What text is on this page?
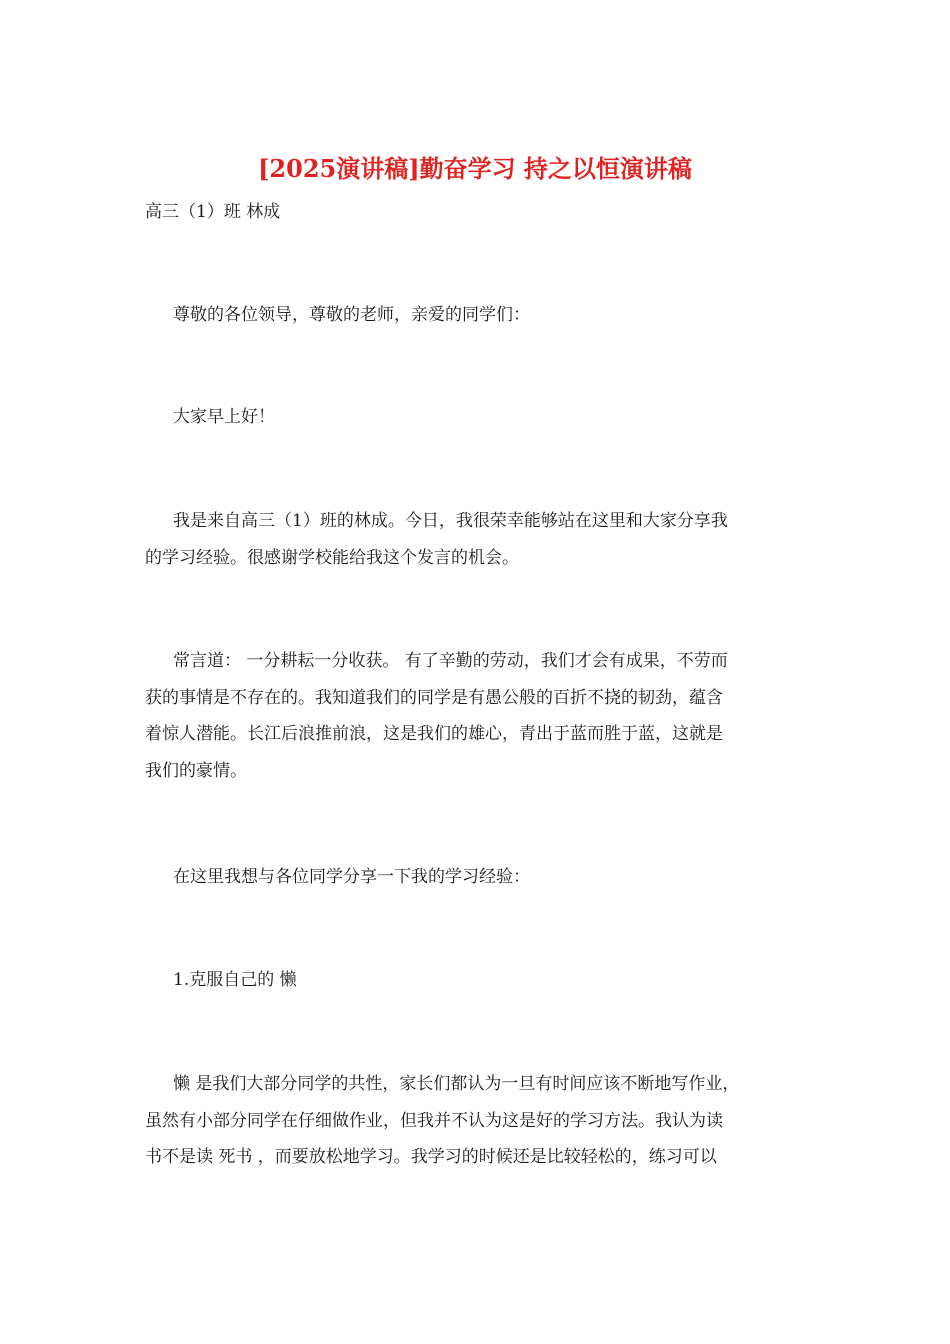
[2025演讲稿]勤奋学习 持之以恒演讲稿
高三（1）班 林成

尊敬的各位领导，尊敬的老师，亲爱的同学们：

大家早上好！

我是来自高三（1）班的林成。今日，我很荣幸能够站在这里和大家分享我
的学习经验。很感谢学校能给我这个发言的机会。

常言道： 一分耕耘一分收获。 有了辛勤的劳动，我们才会有成果，不劳而
获的事情是不存在的。我知道我们的同学是有愚公般的百折不挠的韧劲，蕴含
着惊人潜能。长江后浪推前浪，这是我们的雄心，青出于蓝而胜于蓝，这就是
我们的豪情。

在这里我想与各位同学分享一下我的学习经验：

1.克服自己的 懒

懒 是我们大部分同学的共性，家长们都认为一旦有时间应该不断地写作业，
虽然有小部分同学在仔细做作业，但我并不认为这是好的学习方法。我认为读
书不是读 死书 ，而要放松地学习。我学习的时候还是比较轻松的，练习可以
